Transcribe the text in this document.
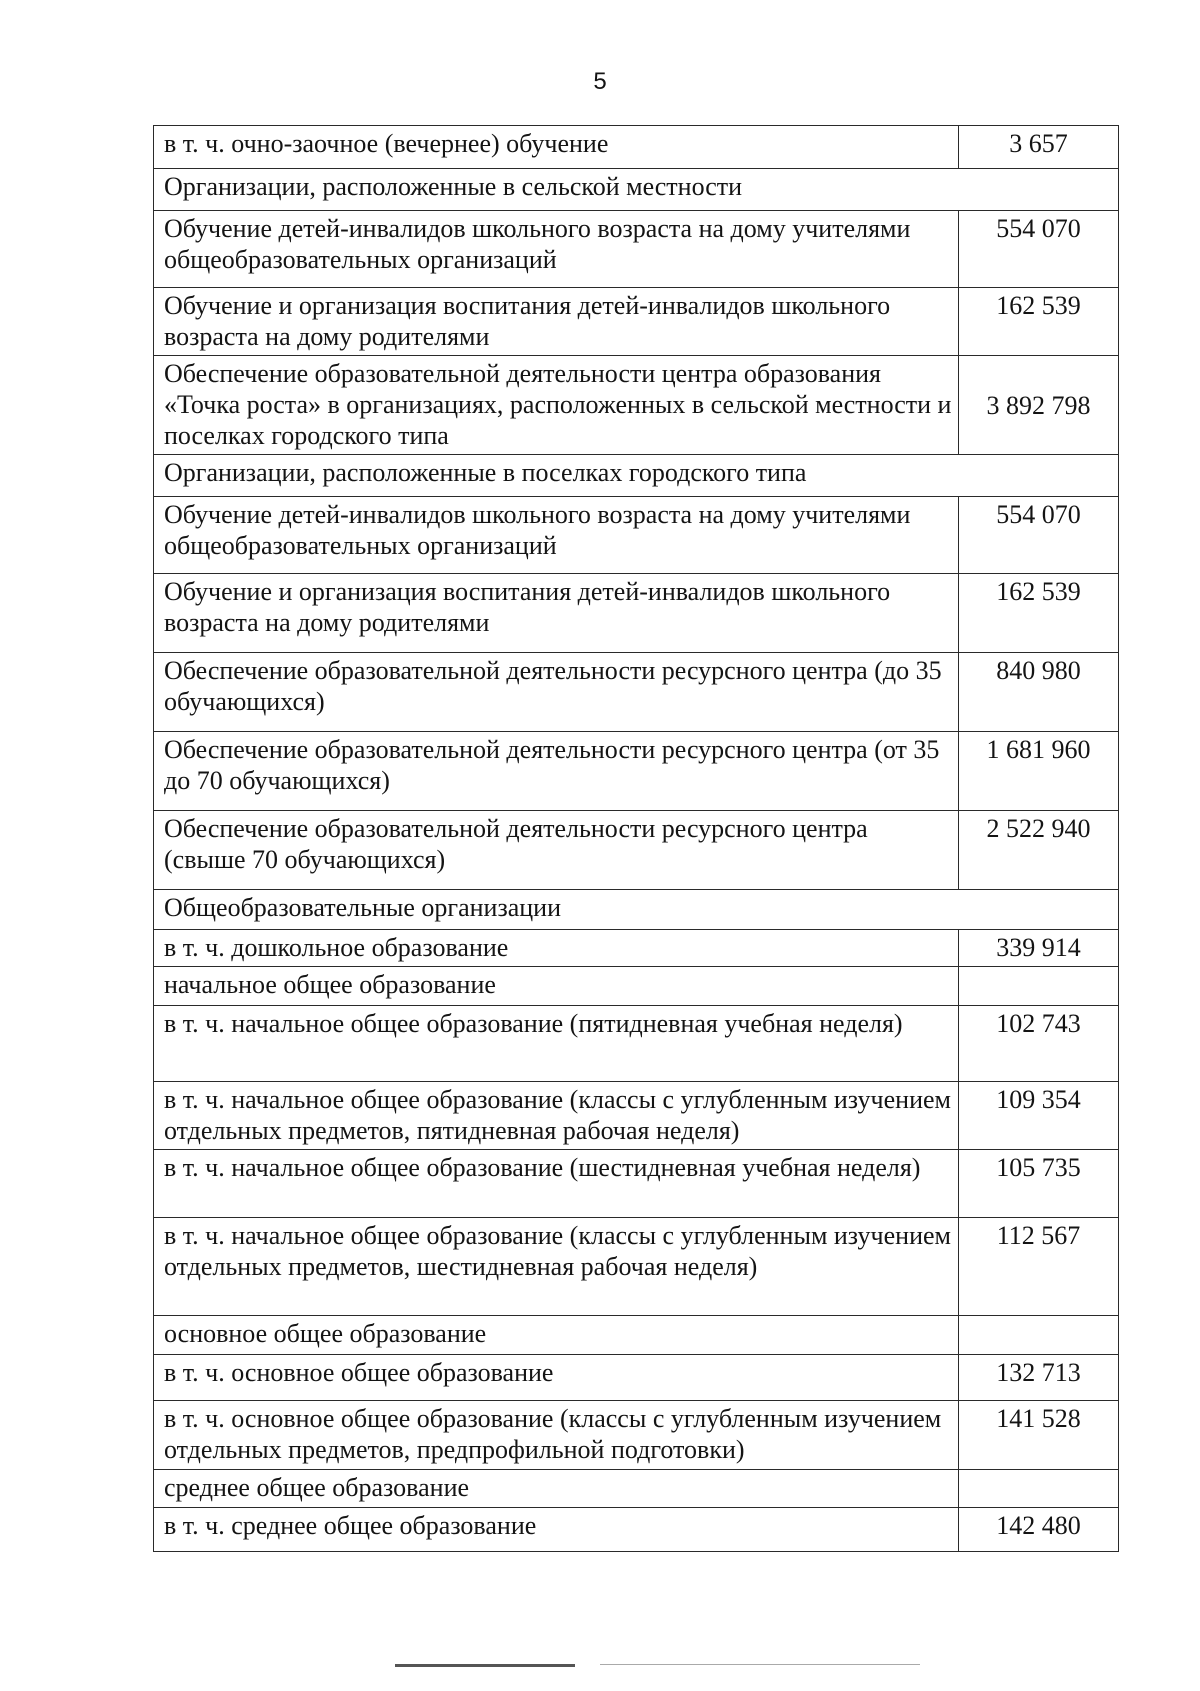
5
в т. ч. очно-заочное (вечернее) обучение	3 657
Организации, расположенные в сельской местности	
Обучение детей-инвалидов школьного возраста на дому учителями общеобразовательных организаций	554 070
Обучение и организация воспитания детей-инвалидов школьного возраста на дому родителями	162 539
Обеспечение образовательной деятельности центра образования «Точка роста» в организациях, расположенных в сельской местности и поселках городского типа	3 892 798
Организации, расположенные в поселках городского типа	
Обучение детей-инвалидов школьного возраста на дому учителями общеобразовательных организаций	554 070
Обучение и организация воспитания детей-инвалидов школьного возраста на дому родителями	162 539
Обеспечение образовательной деятельности ресурсного центра (до 35 обучающихся)	840 980
Обеспечение образовательной деятельности ресурсного центра (от 35 до 70 обучающихся)	1 681 960
Обеспечение образовательной деятельности ресурсного центра (свыше 70 обучающихся)	2 522 940
Общеобразовательные организации	
в т. ч. дошкольное образование	339 914
начальное общее образование	
в т. ч. начальное общее образование (пятидневная учебная неделя)	102 743
в т. ч. начальное общее образование (классы с углубленным изучением отдельных предметов, пятидневная рабочая неделя)	109 354
в т. ч. начальное общее образование (шестидневная учебная неделя)	105 735
в т. ч. начальное общее образование (классы с углубленным изучением отдельных предметов, шестидневная рабочая неделя)	112 567
основное общее образование	
в т. ч. основное общее образование	132 713
в т. ч. основное общее образование (классы с углубленным изучением отдельных предметов, предпрофильной подготовки)	141 528
среднее общее образование	
в т. ч. среднее общее образование	142 480
